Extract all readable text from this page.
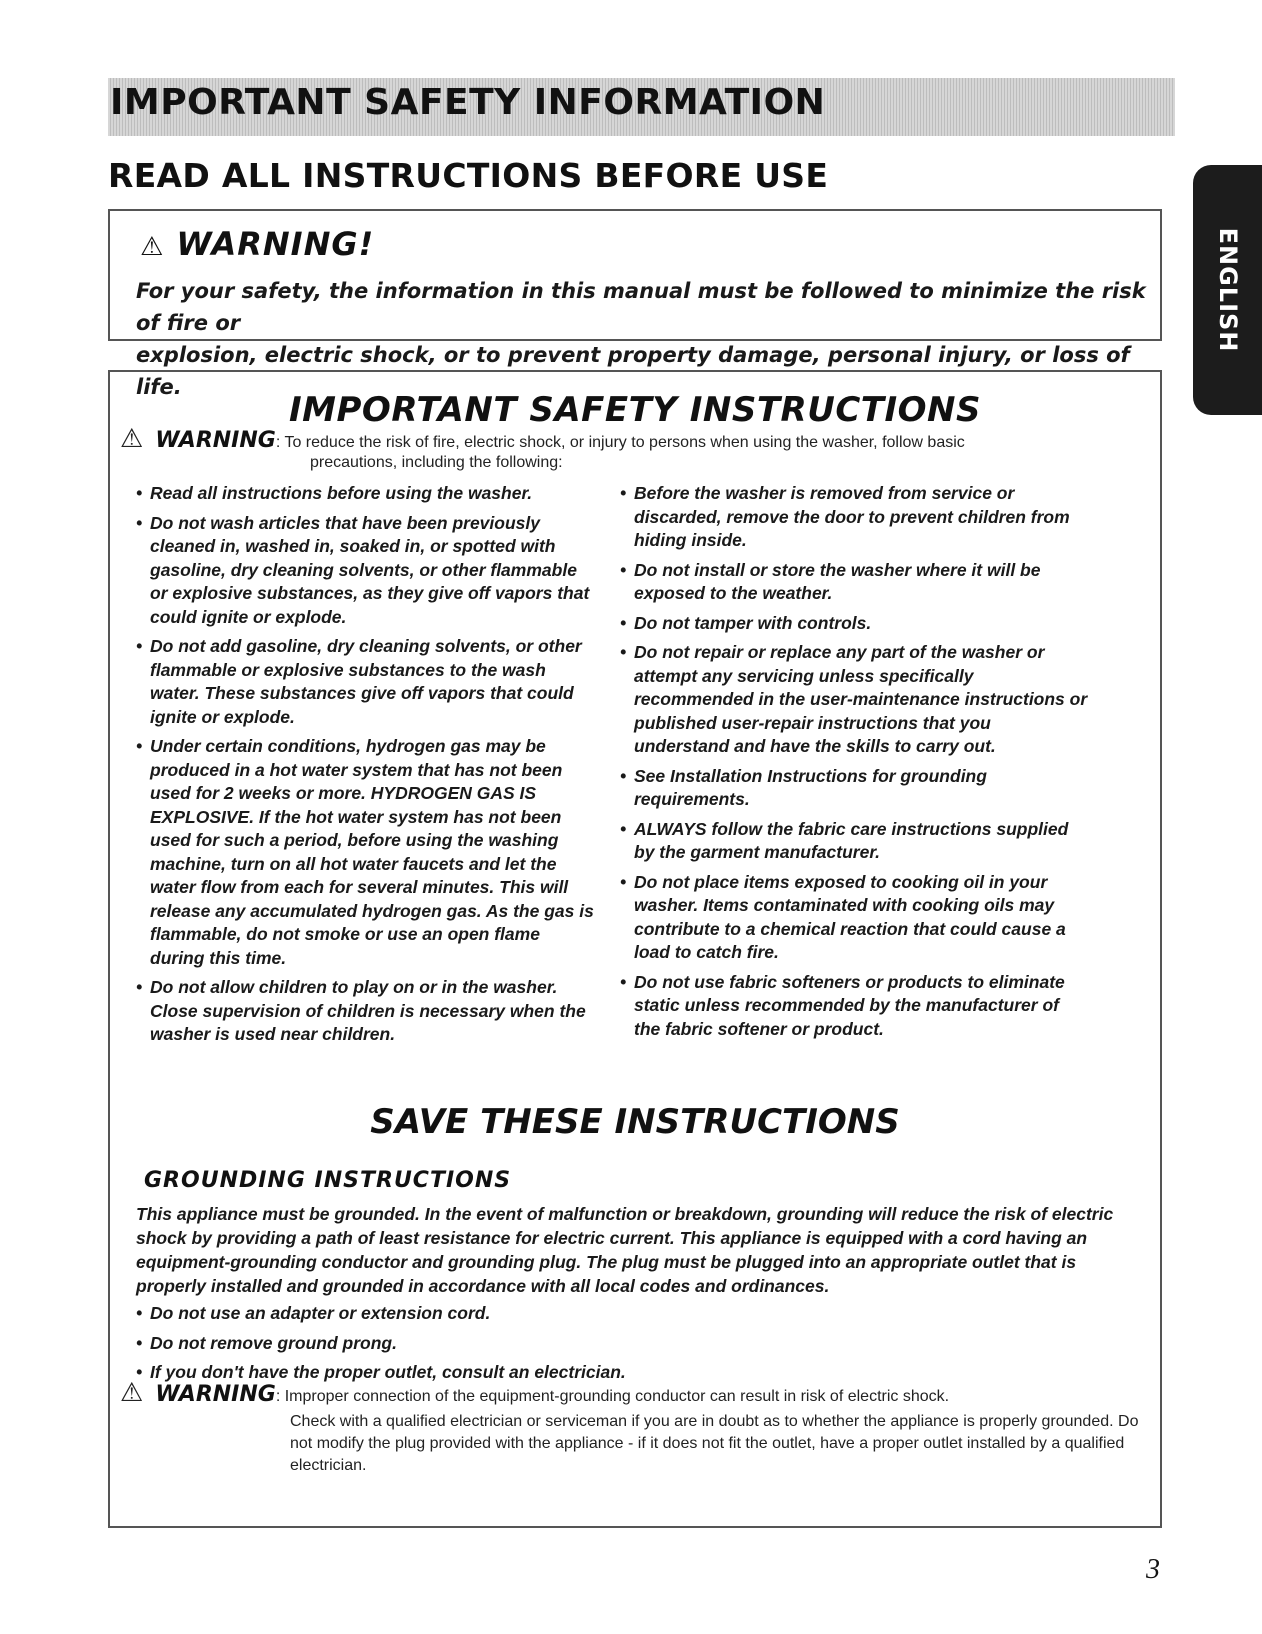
IMPORTANT SAFETY INFORMATION
READ ALL INSTRUCTIONS BEFORE USE
ENGLISH
⚠ WARNING!
For your safety, the information in this manual must be followed to minimize the risk of fire or
explosion, electric shock, or to prevent property damage, personal injury, or loss of life.
IMPORTANT SAFETY INSTRUCTIONS
⚠ WARNING: To reduce the risk of fire, electric shock, or injury to persons when using the washer, follow basic
precautions, including the following:
• Read all instructions before using the washer.
• Do not wash articles that have been previously cleaned in, washed in, soaked in, or spotted with gasoline, dry cleaning solvents, or other flammable or explosive substances, as they give off vapors that could ignite or explode.
• Do not add gasoline, dry cleaning solvents, or other flammable or explosive substances to the wash water. These substances give off vapors that could ignite or explode.
• Under certain conditions, hydrogen gas may be produced in a hot water system that has not been used for 2 weeks or more. HYDROGEN GAS IS EXPLOSIVE. If the hot water system has not been used for such a period, before using the washing machine, turn on all hot water faucets and let the water flow from each for several minutes. This will release any accumulated hydrogen gas. As the gas is flammable, do not smoke or use an open flame during this time.
• Do not allow children to play on or in the washer. Close supervision of children is necessary when the washer is used near children.
• Before the washer is removed from service or discarded, remove the door to prevent children from hiding inside.
• Do not install or store the washer where it will be exposed to the weather.
• Do not tamper with controls.
• Do not repair or replace any part of the washer or attempt any servicing unless specifically recommended in the user-maintenance instructions or published user-repair instructions that you understand and have the skills to carry out.
• See Installation Instructions for grounding requirements.
• ALWAYS follow the fabric care instructions supplied by the garment manufacturer.
• Do not place items exposed to cooking oil in your washer. Items contaminated with cooking oils may contribute to a chemical reaction that could cause a load to catch fire.
• Do not use fabric softeners or products to eliminate static unless recommended by the manufacturer of the fabric softener or product.
SAVE THESE INSTRUCTIONS
GROUNDING INSTRUCTIONS
This appliance must be grounded. In the event of malfunction or breakdown, grounding will reduce the risk of electric shock by providing a path of least resistance for electric current. This appliance is equipped with a cord having an equipment-grounding conductor and grounding plug. The plug must be plugged into an appropriate outlet that is properly installed and grounded in accordance with all local codes and ordinances.
• Do not use an adapter or extension cord.
• Do not remove ground prong.
• If you don't have the proper outlet, consult an electrician.
⚠ WARNING: Improper connection of the equipment-grounding conductor can result in risk of electric shock.
Check with a qualified electrician or serviceman if you are in doubt as to whether the appliance is properly grounded. Do not modify the plug provided with the appliance - if it does not fit the outlet, have a proper outlet installed by a qualified electrician.
3
